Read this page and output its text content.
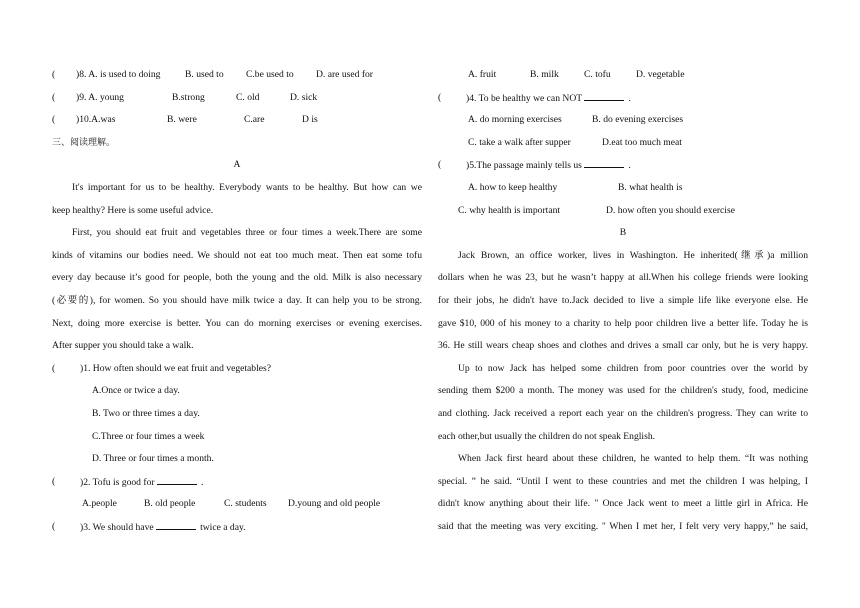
( )8. A. is used to doing	B. used to C.be used to D. are used for
( )9. A. young	B.strong	C. old	D. sick
( )10.A.was	B. were	C.are	D is
三、阅读理解。
A
It's important for us to be healthy. Everybody wants to be healthy. But how can we
keep healthy? Here is some useful advice.
First, you should eat fruit and vegetables three or four times a week.There are some
kinds of vitamins our bodies need. We should not eat too much meat. Then eat some tofu
every day because it’s good for people, both the young and the old. Milk is also necessary
(必要的), for women. So you should have milk twice a day. It can help you to be strong.
Next, doing more exercise is better. You can do morning exercises or evening exercises.
After supper you should take a walk.
(	)1. How often should we eat fruit and vegetables?
A.Once or twice a day.
B. Two or three times a day.
C.Three or four times a week
D. Three or four times a month.
(	)2. Tofu is good for	.
A.people	B. old people	C. students D.young and old people
(	)3. We should have	twice a day.
A. fruit	B. milk	C. tofu	D. vegetable
(	)4. To be healthy we can NOT	.
A. do morning exercises	B. do evening exercises
C. take a walk after supper	D.eat too much meat
(	)5.The passage mainly tells us	.
A. how to keep healthy	B. what health is
C. why health is important	D. how often you should exercise
B
Jack Brown, an office worker, lives in Washington. He inherited(继承)a million
dollars when he was 23, but he wasn’t happy at all.When his college friends were looking
for their jobs, he didn't have to.Jack decided to live a simple life like everyone else. He
gave $10, 000 of his money to a charity to help poor children live a better life. Today he is
36. He still wears cheap shoes and clothes and drives a small car only, but he is very happy.
Up to now Jack has helped some children from poor countries over the world by
sending them $200 a month. The money was used for the children's study, food, medicine
and clothing. Jack received a report each year on the children's progress. They can write to
each other,but usually the children do not speak English.
When Jack first heard about these children, he wanted to help them. “It was nothing
special. ” he said. “Until I went to these countries and met the children I was helping, I
didn't know anything about their life. " Once Jack went to meet a little girl in Africa. He
said that the meeting was very exciting. " When I met her, I felt very very happy,” he said,
